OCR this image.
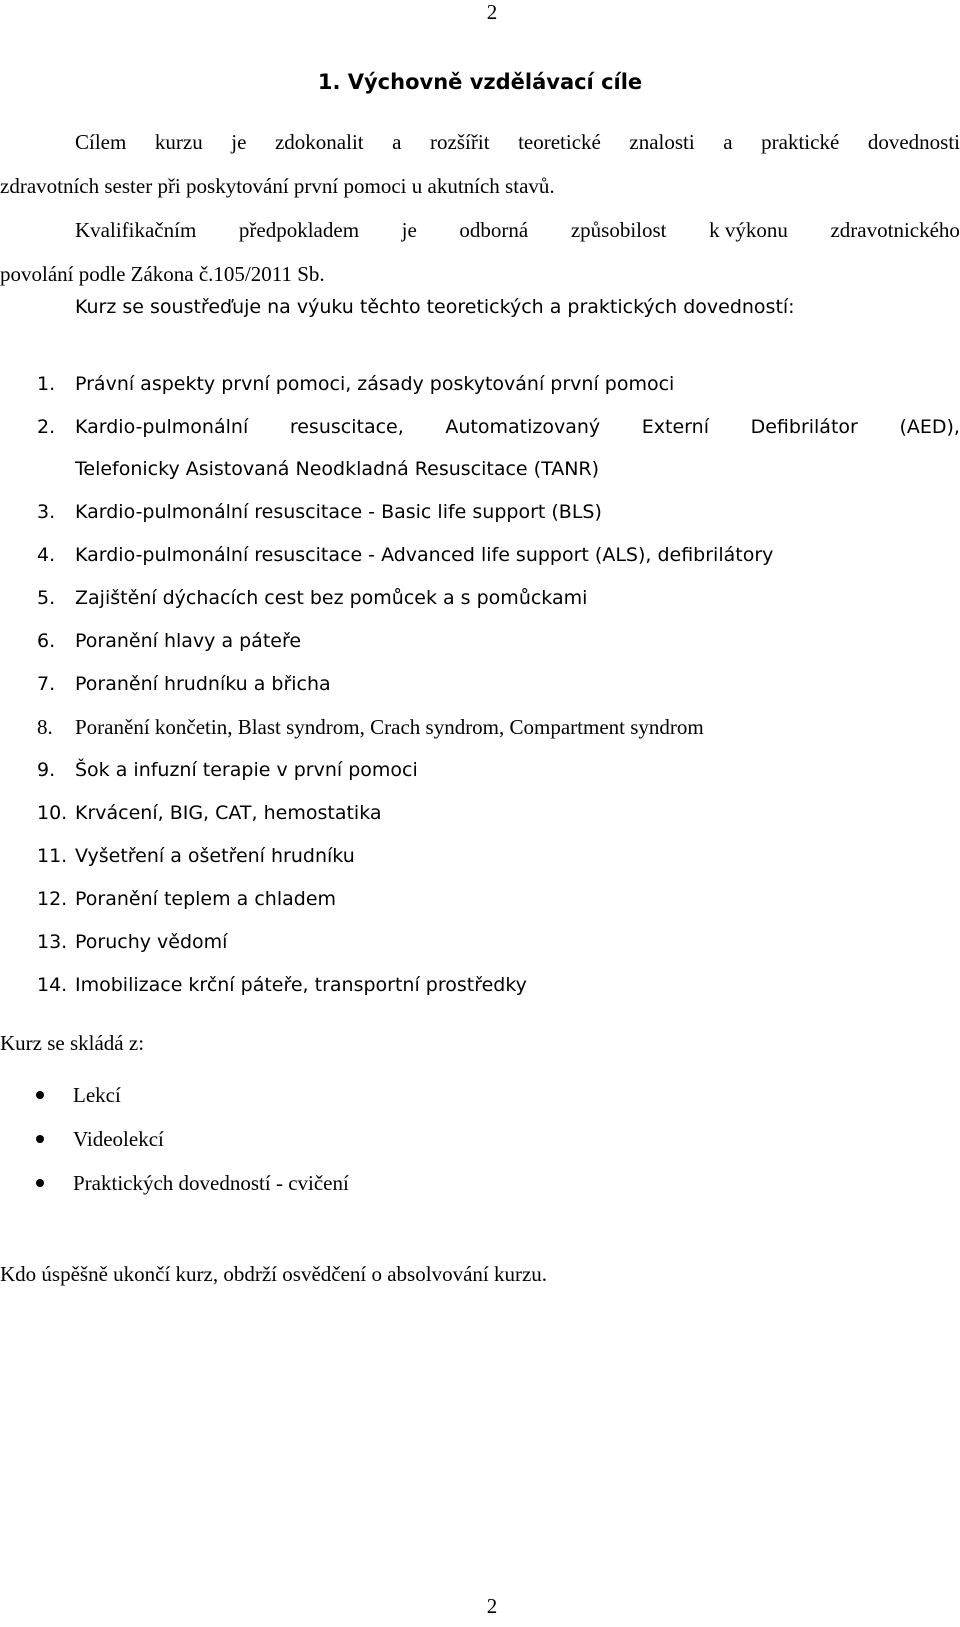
2
1. Výchovně vzdělávací cíle
Cílem kurzu je zdokonalit a rozšířit teoretické znalosti a praktické dovednosti
zdravotních sester při poskytování první pomoci u akutních stavů.
Kvalifikačním předpokladem je odborná způsobilost k výkonu zdravotnického
povolání podle Zákona č.105/2011 Sb.
Kurz se soustřeďuje na výuku těchto teoretických a praktických dovedností:
1.	Právní aspekty první pomoci, zásady poskytování první pomoci
2.	Kardio-pulmonální resuscitace, Automatizovaný Externí Defibrilátor (AED),
Telefonicky Asistovaná Neodkladná Resuscitace (TANR)
3.	Kardio-pulmonální resuscitace - Basic life support (BLS)
4.	Kardio-pulmonální resuscitace - Advanced life support (ALS), defibrilátory
5.	Zajištění dýchacích cest bez pomůcek a s pomůckami
6.	Poranění hlavy a páteře
7.	Poranění hrudníku a břicha
8.	Poranění končetin, Blast syndrom, Crach syndrom, Compartment syndrom
9.	Šok a infuzní terapie v první pomoci
10. Krvácení, BIG, CAT, hemostatika
11. Vyšetření a ošetření hrudníku
12. Poranění teplem a chladem
13. Poruchy vědomí
14. Imobilizace krční páteře, transportní prostředky
Kurz se skládá z:
Lekcí
Videolekcí
Praktických dovedností - cvičení
Kdo úspěšně ukončí kurz, obdrží osvědčení o absolvování kurzu.
2
